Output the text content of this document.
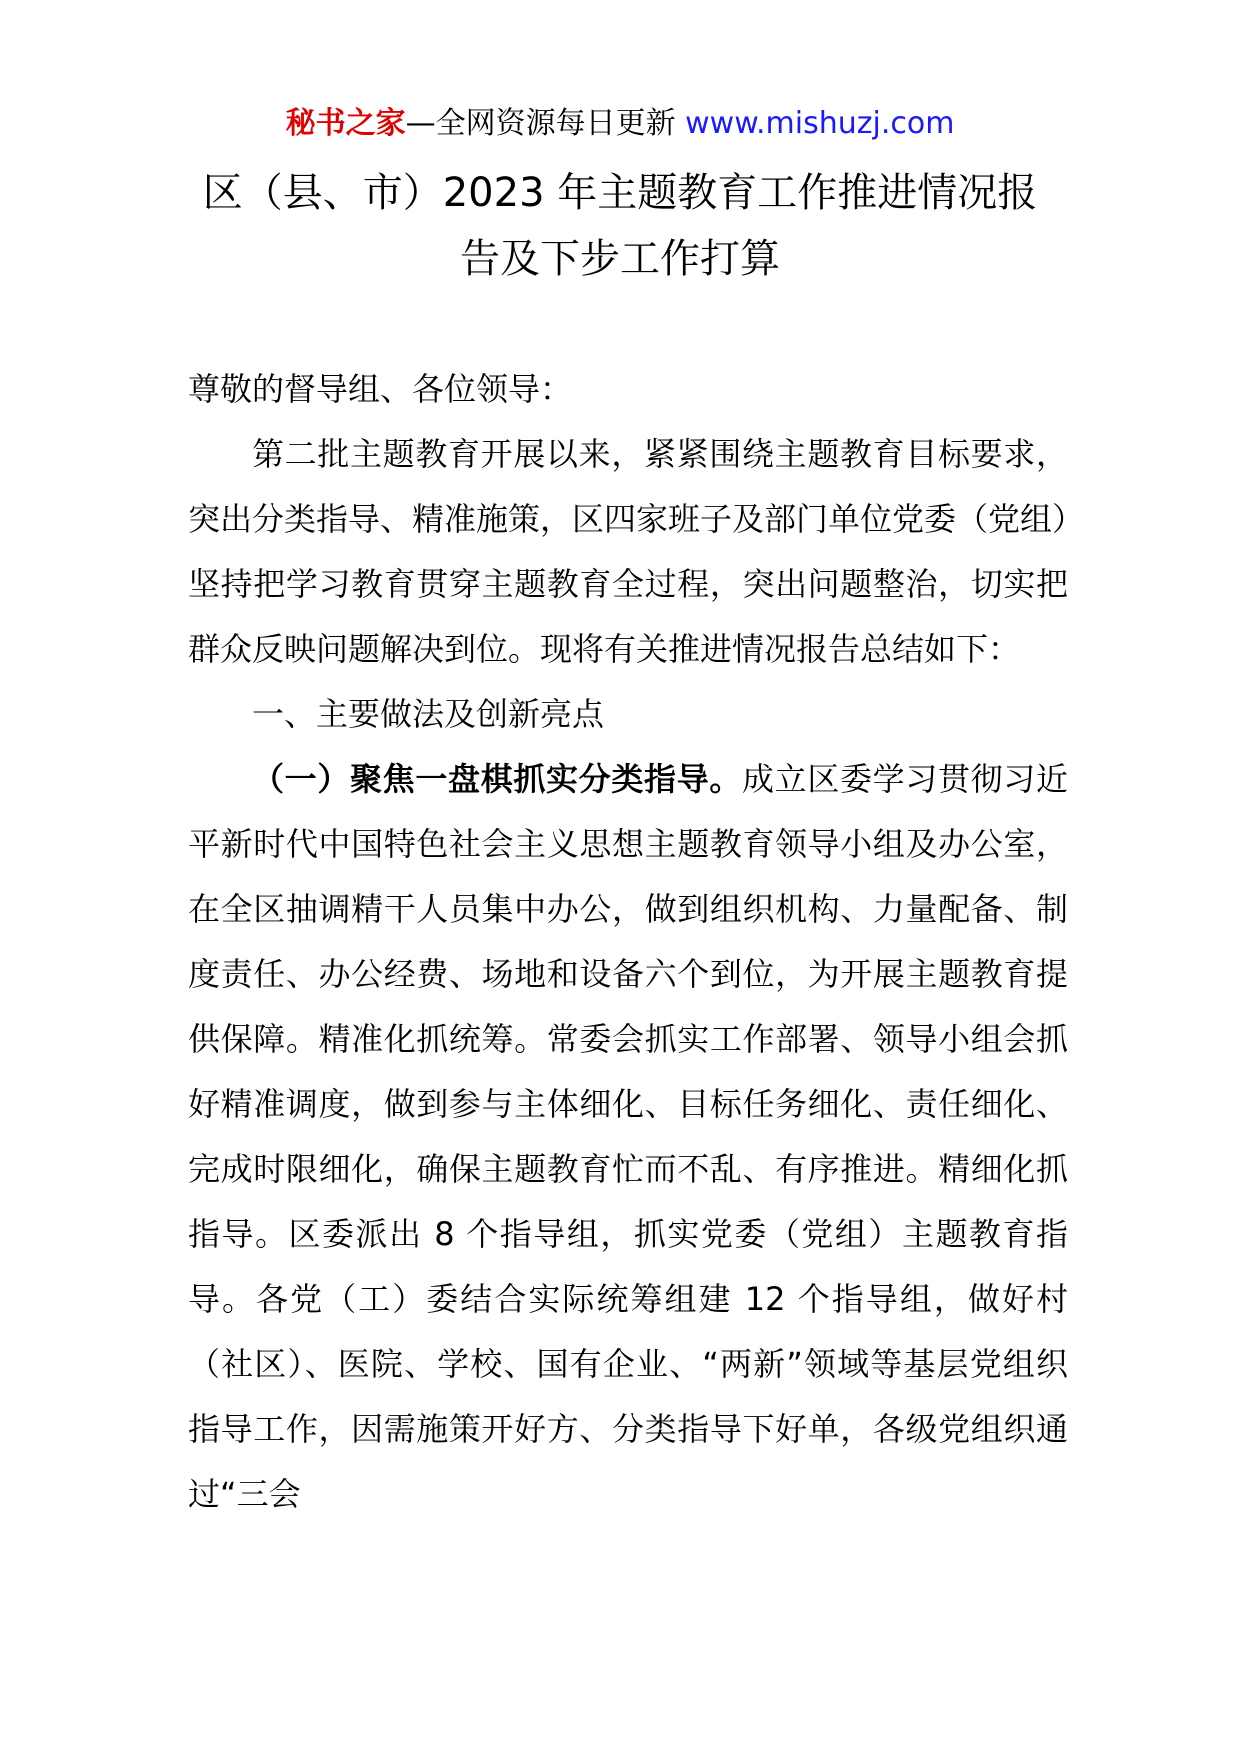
秘书之家—全网资源每日更新 www.mishuzj.com
区（县、市）2023 年主题教育工作推进情况报
告及下步工作打算

尊敬的督导组、各位领导：

第二批主题教育开展以来，紧紧围绕主题教育目标要求，突出分类指导、精准施策，区四家班子及部门单位党委（党组）坚持把学习教育贯穿主题教育全过程，突出问题整治，切实把群众反映问题解决到位。现将有关推进情况报告总结如下：

一、主要做法及创新亮点

（一）聚焦一盘棋抓实分类指导。成立区委学习贯彻习近平新时代中国特色社会主义思想主题教育领导小组及办公室，在全区抽调精干人员集中办公，做到组织机构、力量配备、制度责任、办公经费、场地和设备六个到位，为开展主题教育提供保障。精准化抓统筹。常委会抓实工作部署、领导小组会抓好精准调度，做到参与主体细化、目标任务细化、责任细化、完成时限细化，确保主题教育忙而不乱、有序推进。精细化抓指导。区委派出 8 个指导组，抓实党委（党组）主题教育指导。各党（工）委结合实际统筹组建 12 个指导组，做好村（社区）、医院、学校、国有企业、“两新”领域等基层党组织指导工作，因需施策开好方、分类指导下好单，各级党组织通过“三会
